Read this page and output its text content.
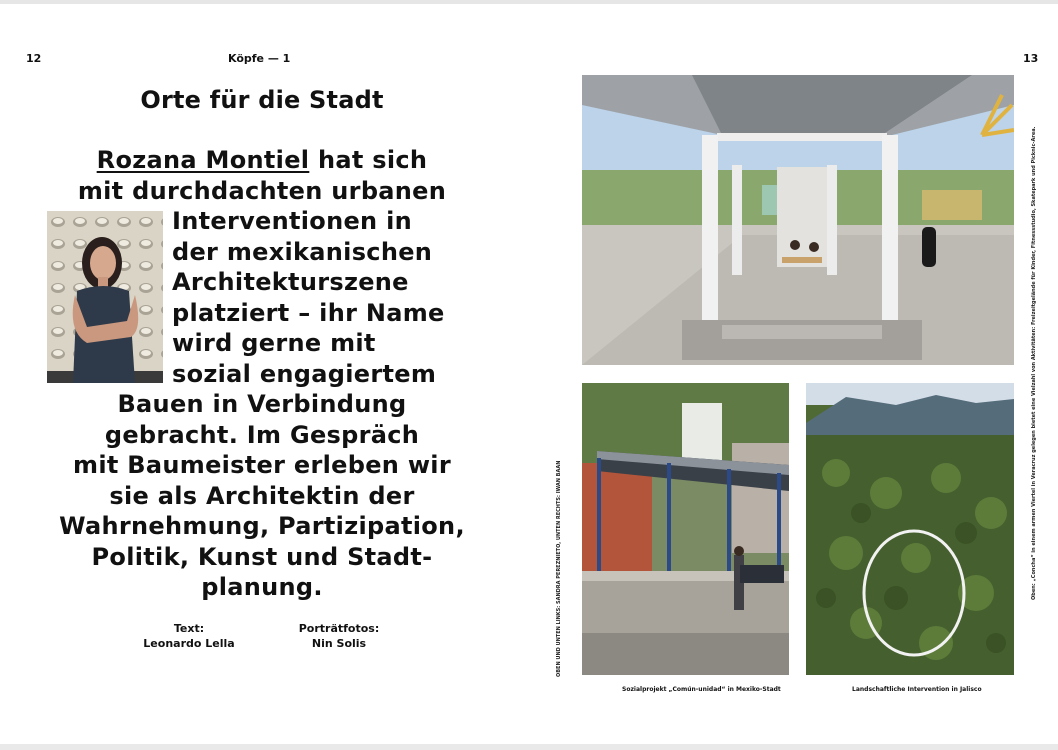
12	Köpfe — 1
Orte für die Stadt
Rozana Montiel hat sich
mit durchdachten urbanen
Interventionen in
der mexikanischen
Architekturszene
platziert – ihr Name
wird gerne mit
sozial engagiertem
Bauen in Verbindung
gebracht. Im Gespräch
mit Baumeister erleben wir
sie als Architektin der
Wahrnehmung, Partizipation,
Politik, Kunst und Stadt-
planung.
Text:
Leonardo Lella
Porträtfotos:
Nin Solis
13
Sozialprojekt „Común-unidad“ in Mexiko-Stadt	Landschaftliche Intervention in Jalisco
OBEN UND UNTEN LINKS: SANDRA PEREZNIETO, UNTEN RECHTS: IWAN BAAN	Oben: „Concha“ in einem armen Viertel in Veracruz gelegen bietet eine Vielzahl von Aktivitäten: Freizeitgelände für Kinder, Fitnessstudio, Skatepark und Picknic-Area.
